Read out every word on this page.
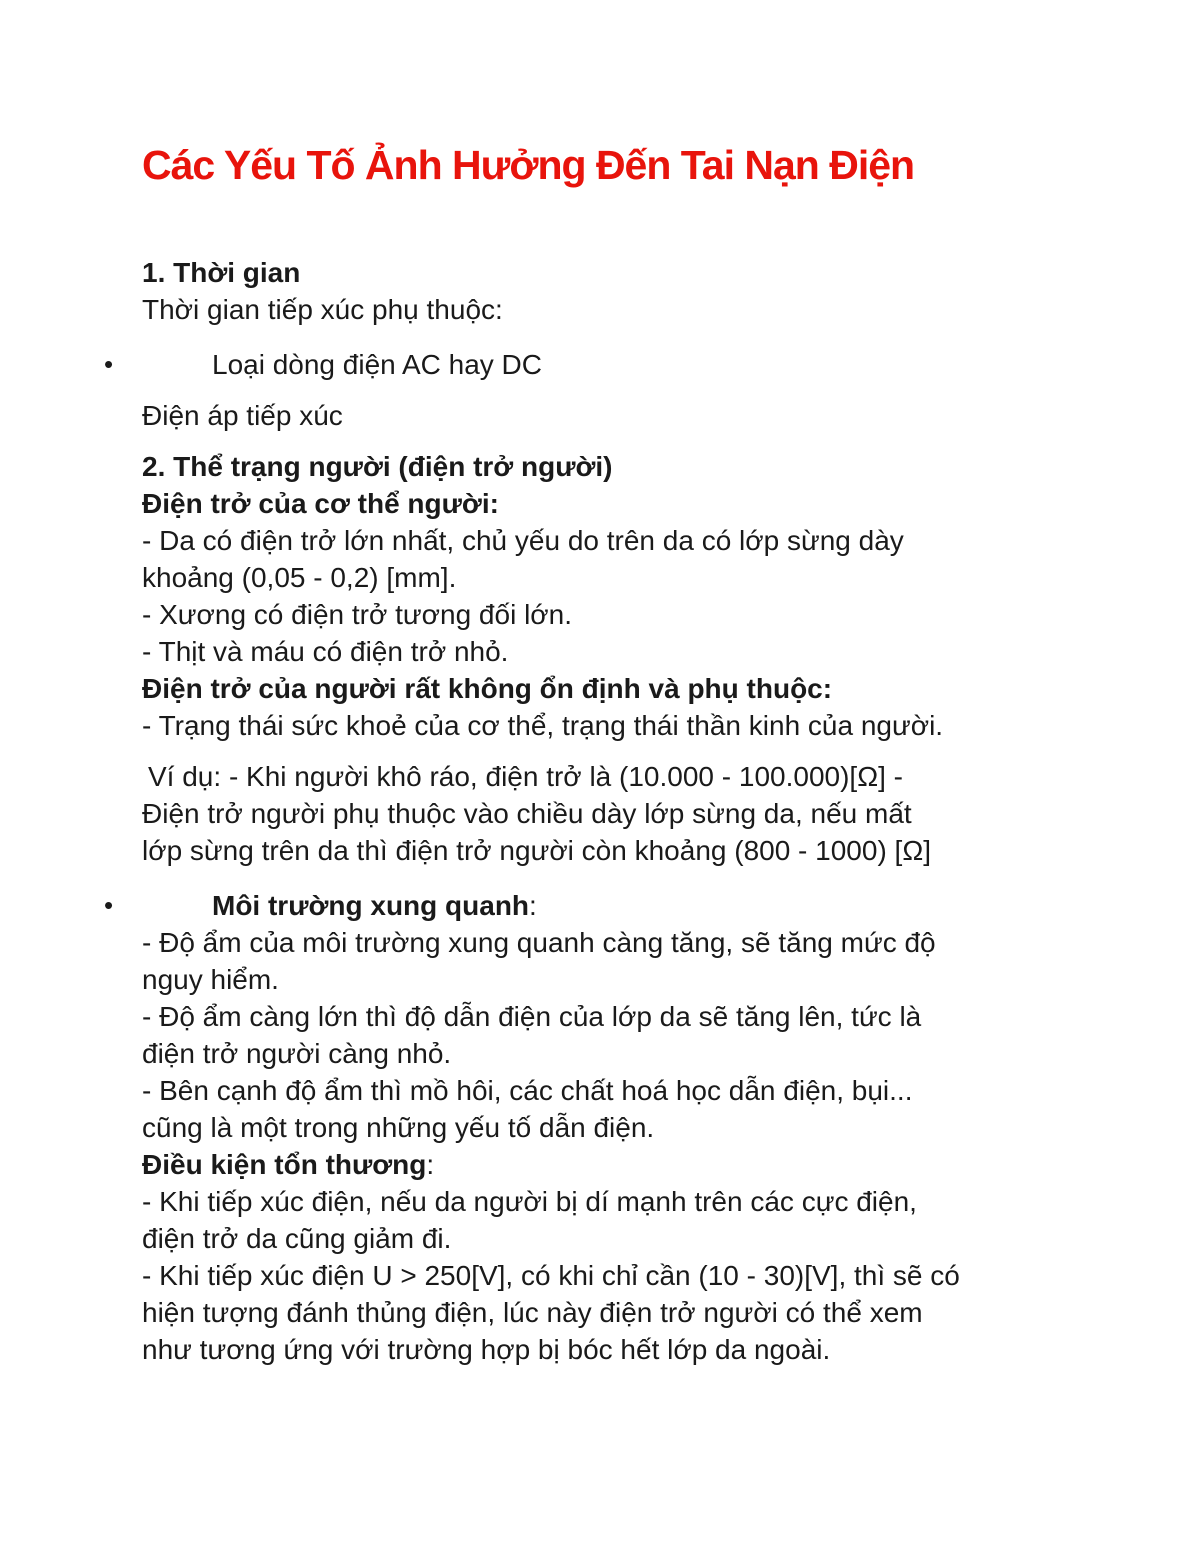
Các Yếu Tố Ảnh Hưởng Đến Tai Nạn Điện

1. Thời gian

Thời gian tiếp xúc phụ thuộc:

•	Loại dòng điện AC hay DC

Điện áp tiếp xúc

2. Thể trạng người (điện trở người)

Điện trở của cơ thể người:

- Da có điện trở lớn nhất, chủ yếu do trên da có lớp sừng dày

khoảng (0,05 - 0,2) [mm].

- Xương có điện trở tương đối lớn.

- Thịt và máu có điện trở nhỏ.

Điện trở của người rất không ổn định và phụ thuộc:

- Trạng thái sức khoẻ của cơ thể, trạng thái thần kinh của người.

Ví dụ: - Khi người khô ráo, điện trở là (10.000 - 100.000)[Ω] -

Điện trở người phụ thuộc vào chiều dày lớp sừng da, nếu mất

lớp sừng trên da thì điện trở người còn khoảng (800 - 1000) [Ω]

•	Môi trường xung quanh:

- Độ ẩm của môi trường xung quanh càng tăng, sẽ tăng mức độ

nguy hiểm.

- Độ ẩm càng lớn thì độ dẫn điện của lớp da sẽ tăng lên, tức là

điện trở người càng nhỏ.

- Bên cạnh độ ẩm thì mồ hôi, các chất hoá học dẫn điện, bụi...

cũng là một trong những yếu tố dẫn điện.

Điều kiện tổn thương:

- Khi tiếp xúc điện, nếu da người bị dí mạnh trên các cực điện,

điện trở da cũng giảm đi.

- Khi tiếp xúc điện U > 250[V], có khi chỉ cần (10 - 30)[V], thì sẽ có

hiện tượng đánh thủng điện, lúc này điện trở người có thể xem

như tương ứng với trường hợp bị bóc hết lớp da ngoài.
